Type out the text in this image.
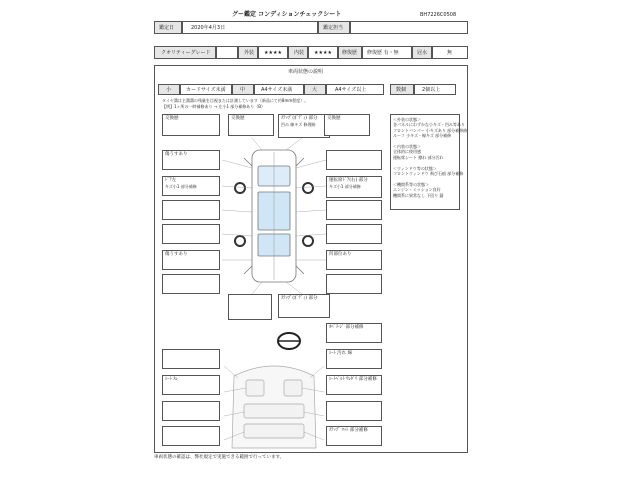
グー鑑定 コンディションチェックシート	BH7226C0508
鑑定日	2020年4月3日	鑑定担当
クオリティーグレード	外装 ★★★★ 内装 ★★★★ 修復歴 修復歴 有・無	冠水	無
車両状態の説明
小	カードサイズ未満	中	A4サイズ未満	大	A4サイズ以上	数個	2個以上
タイヤ溝は主溝溝の残量を目視または計測しています（新品にて約8mm程度）。
【例】1ヶ所の一時補修あり → 左小1 部分補修あり（B）
交換歴
傷うすあり
ﾄﾞｱ左
キズ小1 部分補修
傷うすあり
交換歴	ｽﾃｯﾌﾟ(ﾎﾞﾃﾞｨ) 部分
凹み 線キズ 修理跡
交換歴
運転席ﾄﾞｱ(右) 部分
キズ小1 部分補修
凹部位あり
ｽﾃｯﾌﾟ(ﾎﾞﾃﾞｨ) 部分
＜外装の状態＞
各パネルにわずかな小キズ・凹み等あり
フロントバンパー 小キズあり 部分補修跡
ルーフ 小キズ・線キズ 部分補修

＜内装の状態＞
全体的に使用感
運転席シート 擦れ 部分汚れ

＜ウィンドウ等の状態＞
フロントウィンドウ 飛び石痕 部分補修

＜機関系等の状態＞
エンジン・ミッション良好
機関系に異常なし 下回り 錆
ｵﾍﾟﾗ-ｼﾞ 部分補修
ｼｰﾄ 汚れ 線
ｼｰﾄ ｽﾚ	ｼｰﾄﾍﾞﾙﾄ ﾜﾚﾀﾞﾘ 部分補修
ｽﾃｯﾌﾟ ﾏｯﾄ 部分補修
車両状態の確認は、弊社規定で実施できる範囲で行っています。
